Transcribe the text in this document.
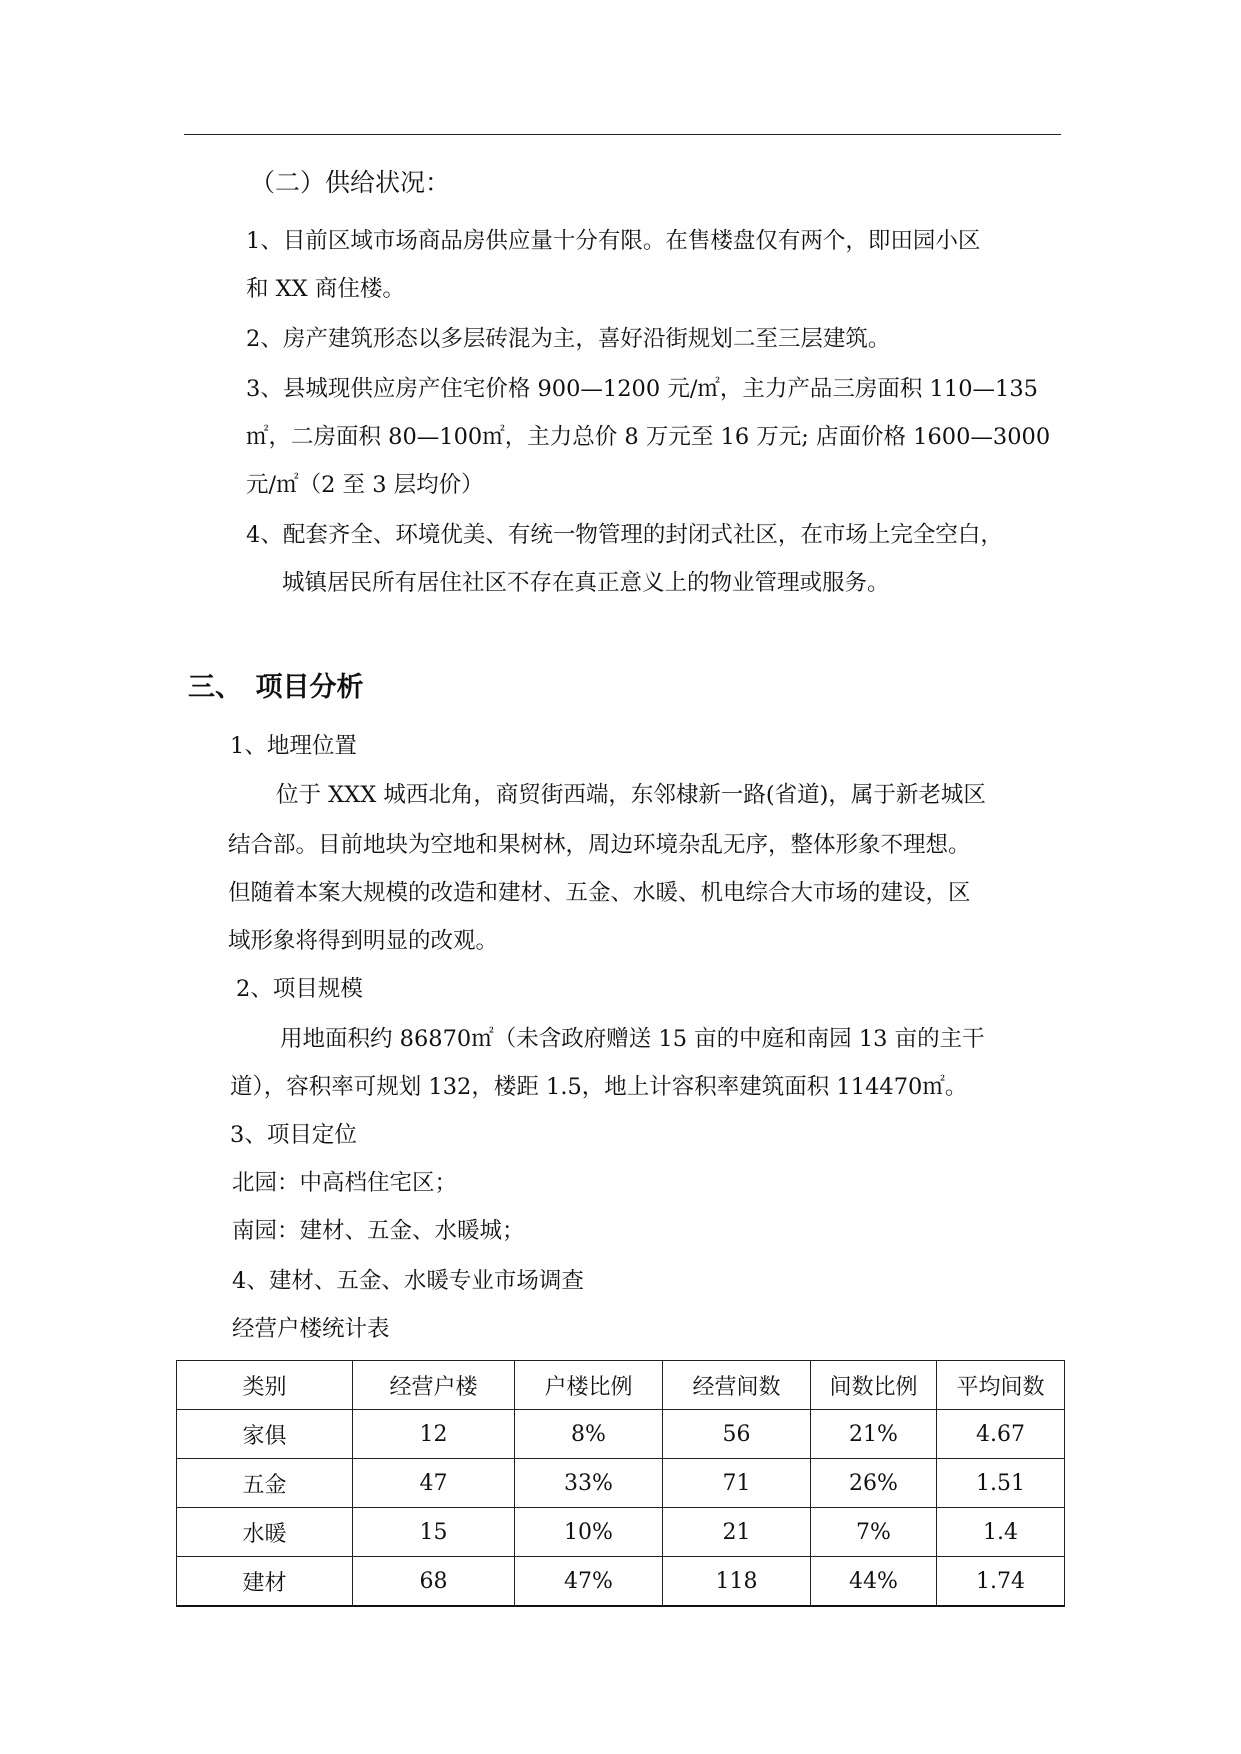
（二）供给状况：
1、目前区域市场商品房供应量十分有限。在售楼盘仅有两个，即田园小区
和 XX 商住楼。
2、房产建筑形态以多层砖混为主，喜好沿街规划二至三层建筑。
3、县城现供应房产住宅价格 900—1200 元/㎡，主力产品三房面积 110—135
㎡，二房面积 80—100㎡，主力总价 8 万元至 16 万元; 店面价格 1600—3000
元/㎡（2 至 3 层均价）
4、配套齐全、环境优美、有统一物管理的封闭式社区，在市场上完全空白，
城镇居民所有居住社区不存在真正意义上的物业管理或服务。
三、　项目分析
1、地理位置
位于 XXX 城西北角，商贸街西端，东邻棣新一路(省道)，属于新老城区
结合部。目前地块为空地和果树林，周边环境杂乱无序，整体形象不理想。
但随着本案大规模的改造和建材、五金、水暖、机电综合大市场的建设，区
域形象将得到明显的改观。
2、项目规模
用地面积约 86870㎡（未含政府赠送 15 亩的中庭和南园 13 亩的主干
道），容积率可规划 132，楼距 1.5，地上计容积率建筑面积 114470㎡。
3、项目定位
北园：中高档住宅区；
南园：建材、五金、水暖城；
4、建材、五金、水暖专业市场调查
经营户楼统计表
类别	经营户楼	户楼比例	经营间数	间数比例	平均间数
家俱	12	8%	56	21%	4.67
五金	47	33%	71	26%	1.51
水暖	15	10%	21	7%	1.4
建材	68	47%	118	44%	1.74
